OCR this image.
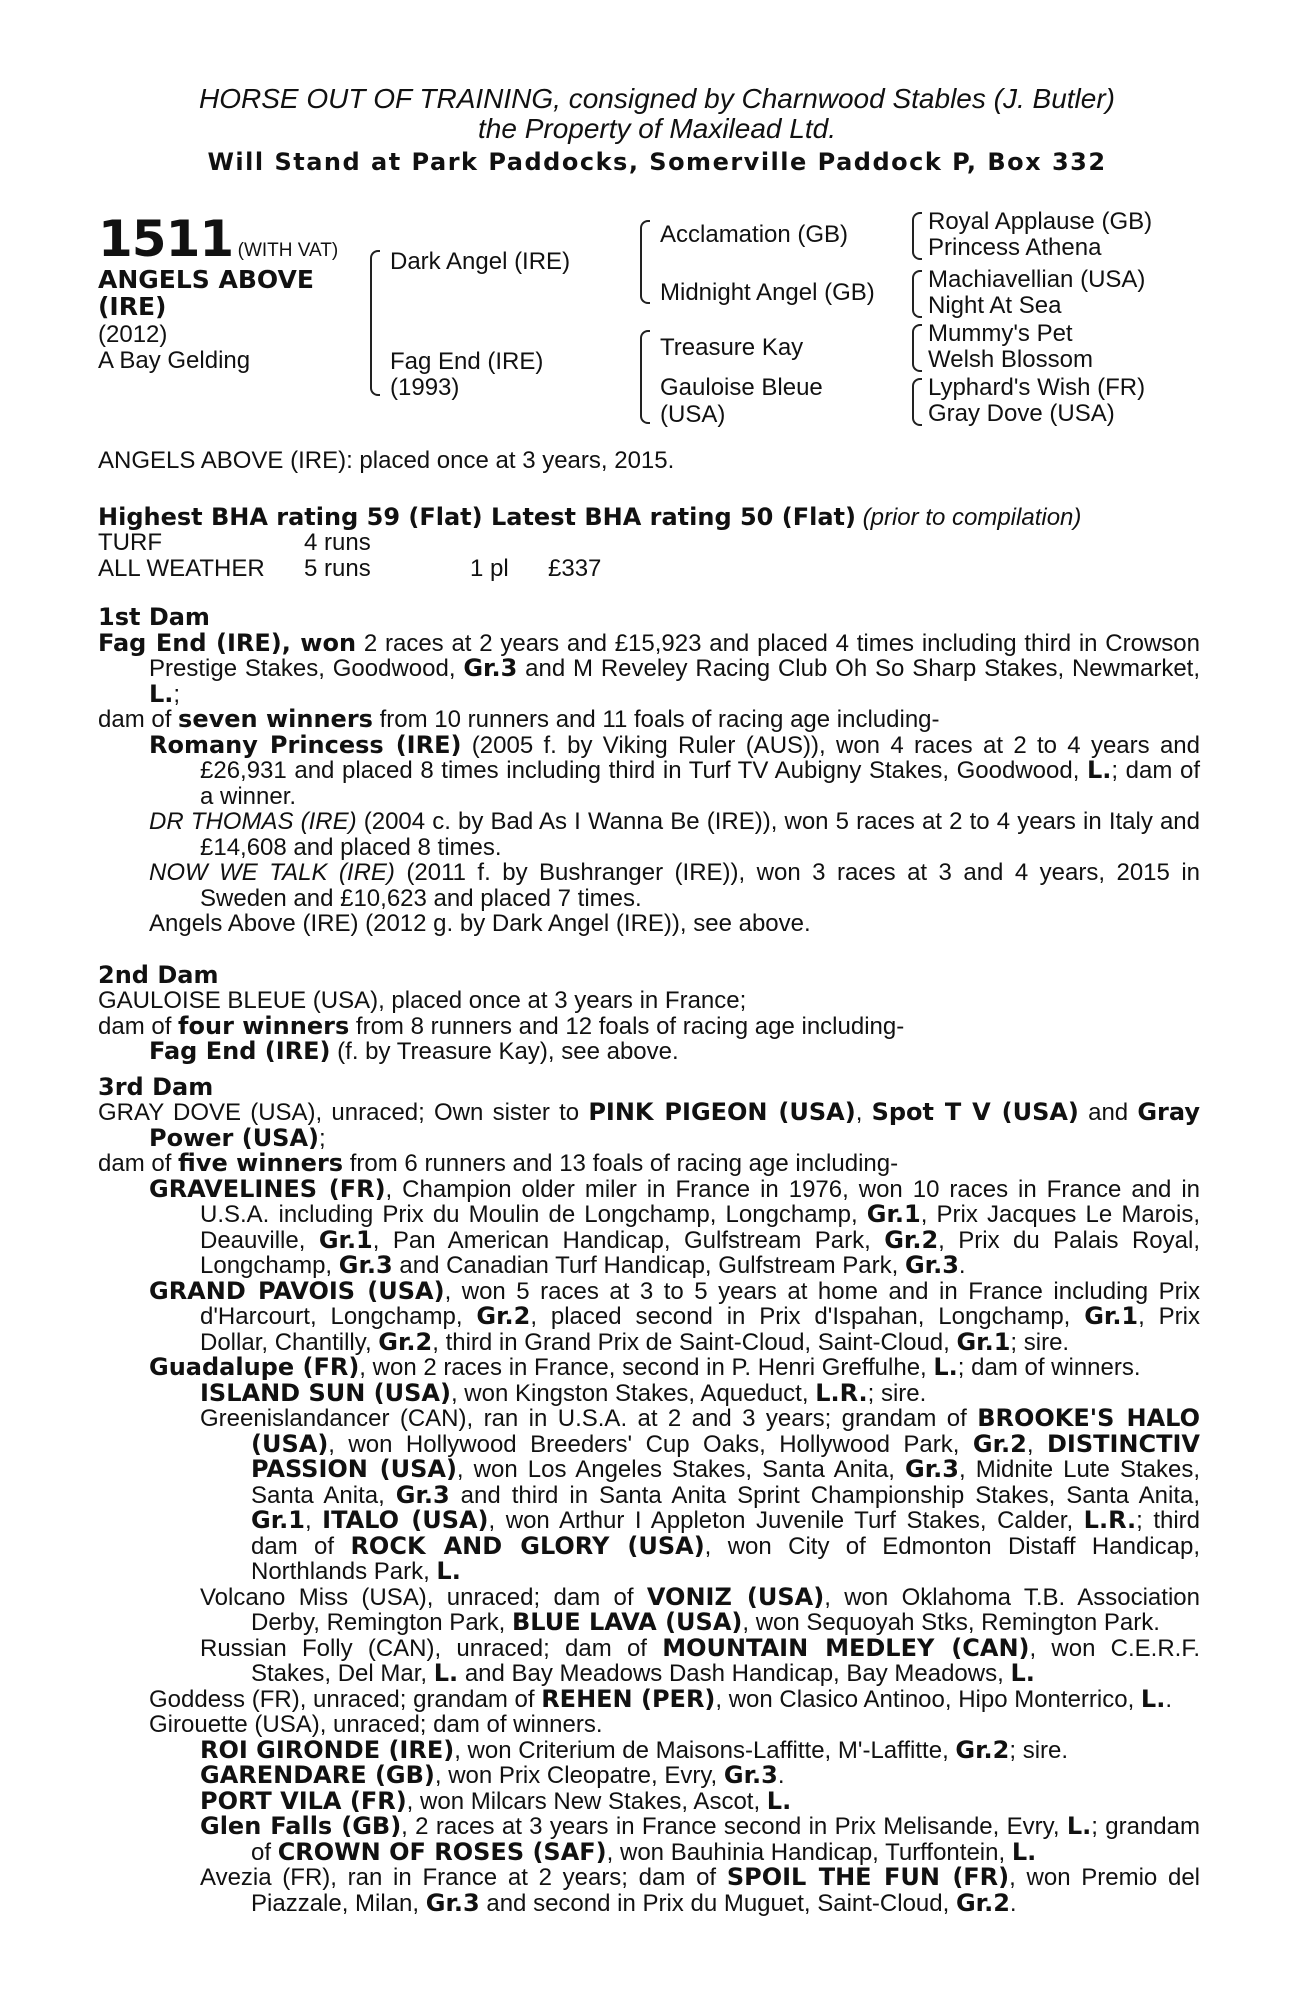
HORSE OUT OF TRAINING, consigned by Charnwood Stables (J. Butler)
the Property of Maxilead Ltd.
Will Stand at Park Paddocks, Somerville Paddock P, Box 332
1511 (WITH VAT)
ANGELS ABOVE
(IRE)
(2012)
A Bay Gelding
Dark Angel (IRE)
Fag End (IRE)
(1993)
Acclamation (GB)
Midnight Angel (GB)
Treasure Kay
Gauloise Bleue
(USA)
Royal Applause (GB)
Princess Athena
Machiavellian (USA)
Night At Sea
Mummy's Pet
Welsh Blossom
Lyphard's Wish (FR)
Gray Dove (USA)
ANGELS ABOVE (IRE): placed once at 3 years, 2015.
Highest BHA rating 59 (Flat) Latest BHA rating 50 (Flat) (prior to compilation)
TURF	4 runs
ALL WEATHER 5 runs	1 pl £337
1st Dam
Fag End (IRE), won 2 races at 2 years and £15,923 and placed 4 times including third in Crowson Prestige Stakes, Goodwood, Gr.3 and M Reveley Racing Club Oh So Sharp Stakes, Newmarket, L.;
dam of seven winners from 10 runners and 11 foals of racing age including-
Romany Princess (IRE) (2005 f. by Viking Ruler (AUS)), won 4 races at 2 to 4 years and £26,931 and placed 8 times including third in Turf TV Aubigny Stakes, Goodwood, L.; dam of a winner.
DR THOMAS (IRE) (2004 c. by Bad As I Wanna Be (IRE)), won 5 races at 2 to 4 years in Italy and £14,608 and placed 8 times.
NOW WE TALK (IRE) (2011 f. by Bushranger (IRE)), won 3 races at 3 and 4 years, 2015 in Sweden and £10,623 and placed 7 times.
Angels Above (IRE) (2012 g. by Dark Angel (IRE)), see above.
2nd Dam
GAULOISE BLEUE (USA), placed once at 3 years in France;
dam of four winners from 8 runners and 12 foals of racing age including-
Fag End (IRE) (f. by Treasure Kay), see above.
3rd Dam
GRAY DOVE (USA), unraced; Own sister to PINK PIGEON (USA), Spot T V (USA) and Gray Power (USA);
dam of five winners from 6 runners and 13 foals of racing age including-
GRAVELINES (FR), Champion older miler in France in 1976, won 10 races in France and in U.S.A. including Prix du Moulin de Longchamp, Longchamp, Gr.1, Prix Jacques Le Marois, Deauville, Gr.1, Pan American Handicap, Gulfstream Park, Gr.2, Prix du Palais Royal, Longchamp, Gr.3 and Canadian Turf Handicap, Gulfstream Park, Gr.3.
GRAND PAVOIS (USA), won 5 races at 3 to 5 years at home and in France including Prix d'Harcourt, Longchamp, Gr.2, placed second in Prix d'Ispahan, Longchamp, Gr.1, Prix Dollar, Chantilly, Gr.2, third in Grand Prix de Saint-Cloud, Saint-Cloud, Gr.1; sire.
Guadalupe (FR), won 2 races in France, second in P. Henri Greffulhe, L.; dam of winners.
ISLAND SUN (USA), won Kingston Stakes, Aqueduct, L.R.; sire.
Greenislandancer (CAN), ran in U.S.A. at 2 and 3 years; grandam of BROOKE'S HALO (USA), won Hollywood Breeders' Cup Oaks, Hollywood Park, Gr.2, DISTINCTIV PASSION (USA), won Los Angeles Stakes, Santa Anita, Gr.3, Midnite Lute Stakes, Santa Anita, Gr.3 and third in Santa Anita Sprint Championship Stakes, Santa Anita, Gr.1, ITALO (USA), won Arthur I Appleton Juvenile Turf Stakes, Calder, L.R.; third dam of ROCK AND GLORY (USA), won City of Edmonton Distaff Handicap, Northlands Park, L.
Volcano Miss (USA), unraced; dam of VONIZ (USA), won Oklahoma T.B. Association Derby, Remington Park, BLUE LAVA (USA), won Sequoyah Stks, Remington Park.
Russian Folly (CAN), unraced; dam of MOUNTAIN MEDLEY (CAN), won C.E.R.F. Stakes, Del Mar, L. and Bay Meadows Dash Handicap, Bay Meadows, L.
Goddess (FR), unraced; grandam of REHEN (PER), won Clasico Antinoo, Hipo Monterrico, L..
Girouette (USA), unraced; dam of winners.
ROI GIRONDE (IRE), won Criterium de Maisons-Laffitte, M'-Laffitte, Gr.2; sire.
GARENDARE (GB), won Prix Cleopatre, Evry, Gr.3.
PORT VILA (FR), won Milcars New Stakes, Ascot, L.
Glen Falls (GB), 2 races at 3 years in France second in Prix Melisande, Evry, L.; grandam of CROWN OF ROSES (SAF), won Bauhinia Handicap, Turffontein, L.
Avezia (FR), ran in France at 2 years; dam of SPOIL THE FUN (FR), won Premio del Piazzale, Milan, Gr.3 and second in Prix du Muguet, Saint-Cloud, Gr.2.
